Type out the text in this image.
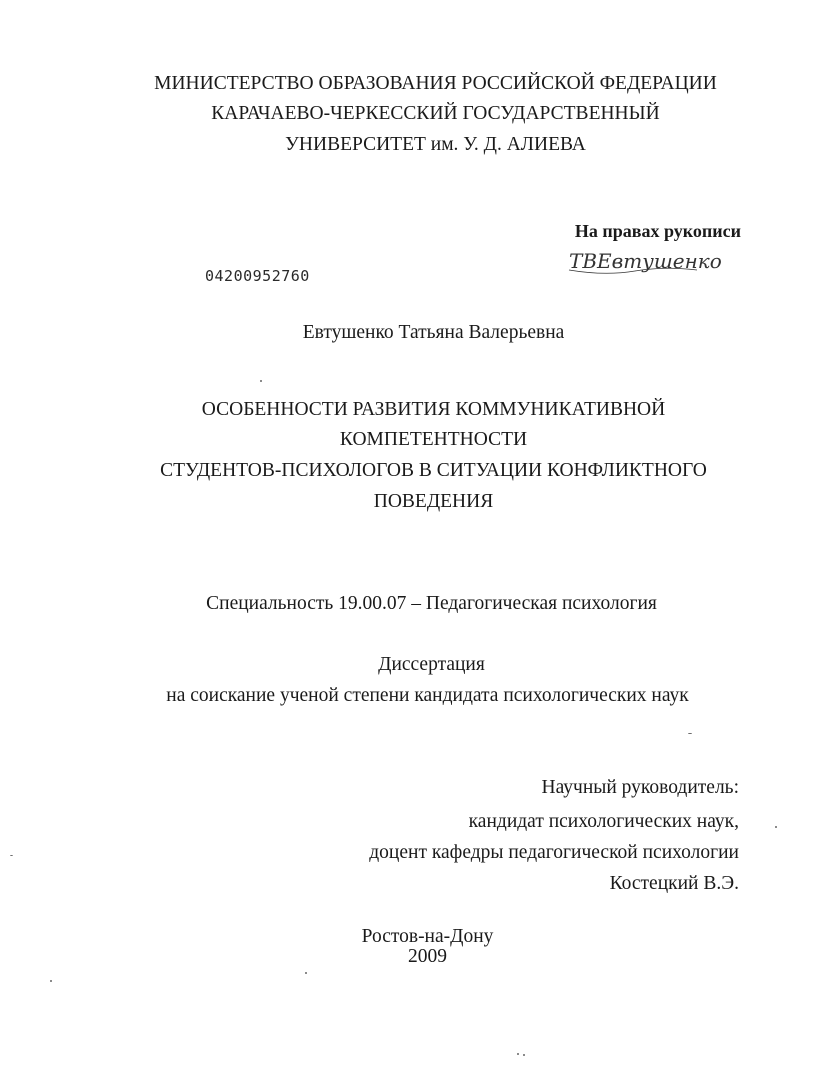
МИНИСТЕРСТВО ОБРАЗОВАНИЯ РОССИЙСКОЙ ФЕДЕРАЦИИ
КАРАЧАЕВО-ЧЕРКЕССКИЙ ГОСУДАРСТВЕННЫЙ
УНИВЕРСИТЕТ им. У. Д. АЛИЕВА
На правах рукописи
ТВЕвтушенко
04200952760
Евтушенко Татьяна Валерьевна
ОСОБЕННОСТИ РАЗВИТИЯ КОММУНИКАТИВНОЙ
КОМПЕТЕНТНОСТИ
СТУДЕНТОВ-ПСИХОЛОГОВ В СИТУАЦИИ КОНФЛИКТНОГО
ПОВЕДЕНИЯ
Специальность 19.00.07 – Педагогическая психология
Диссертация
на соискание ученой степени кандидата психологических наук
Научный руководитель:
кандидат психологических наук,
доцент кафедры педагогической психологии
Костецкий В.Э.
Ростов-на-Дону
2009
